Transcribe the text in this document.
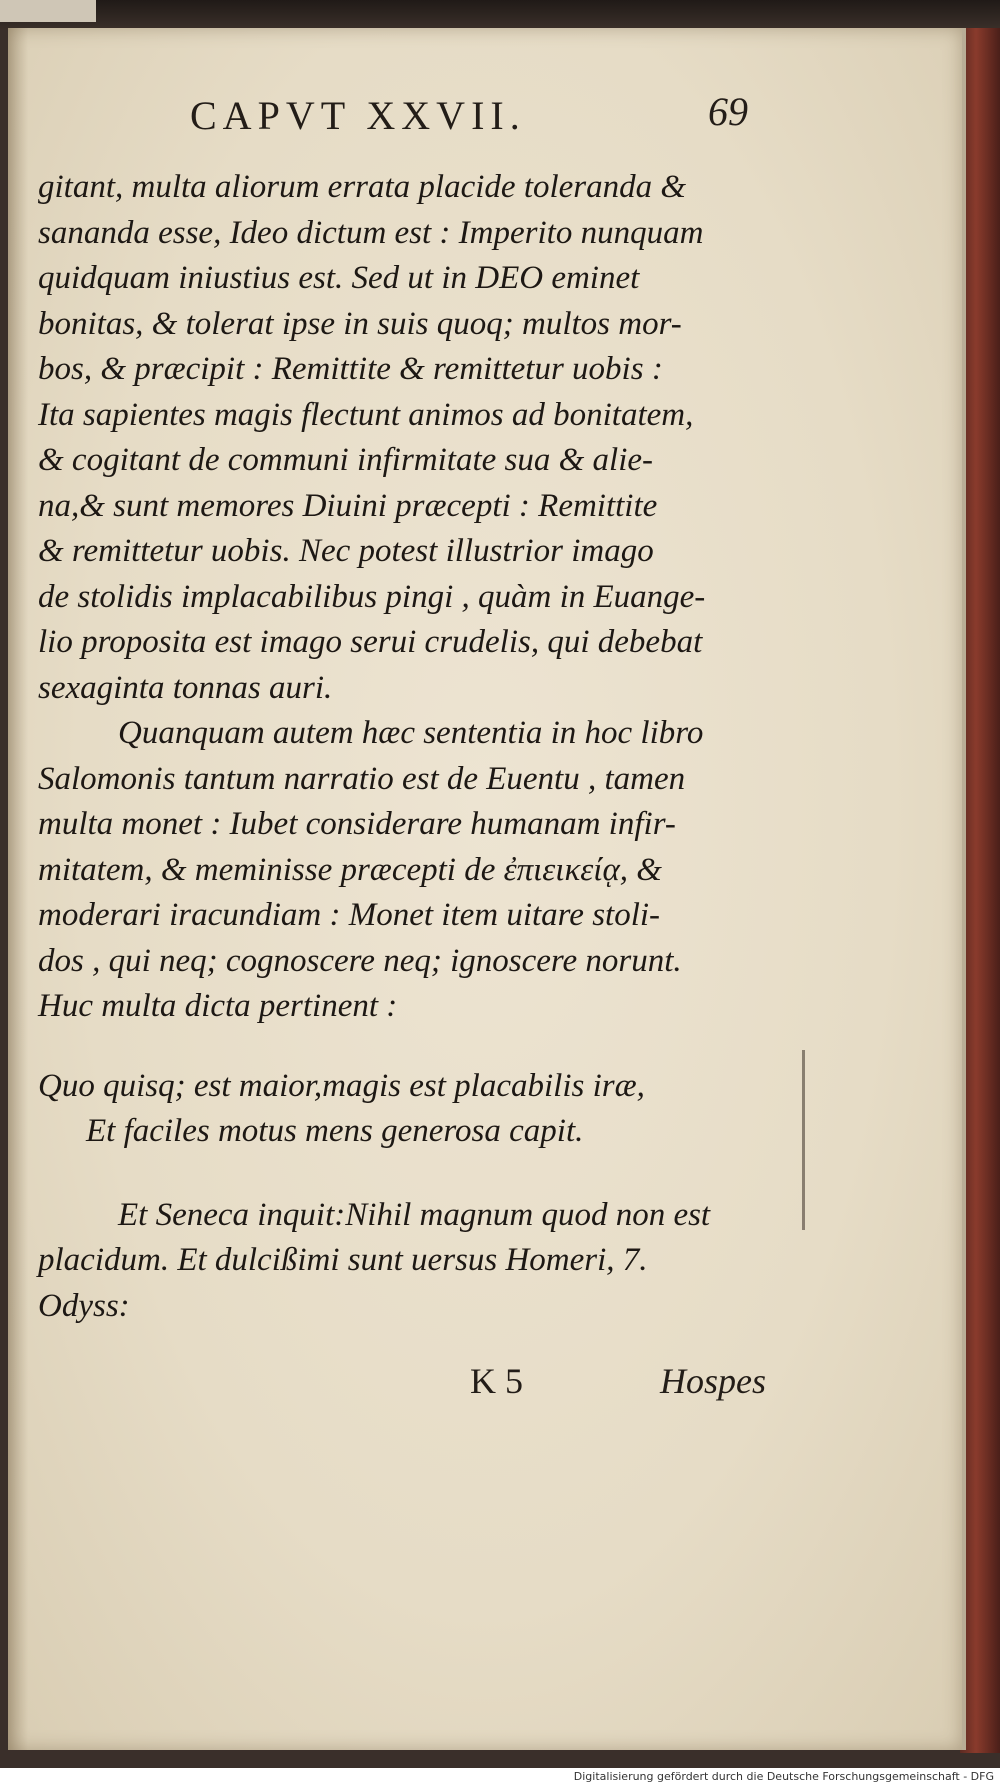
CAPVT XXVII.	69
gitant, multa aliorum errata placide toleranda &
sananda esse, Ideo dictum est : Imperito nunquam
quidquam iniustius est. Sed ut in DEO eminet
bonitas, & tolerat ipse in suis quoq; multos mor-
bos, & præcipit : Remittite & remittetur uobis :
Ita sapientes magis flectunt animos ad bonitatem,
& cogitant de communi infirmitate sua & alie-
na,& sunt memores Diuini præcepti : Remittite
& remittetur uobis. Nec potest illustrior imago
de stolidis implacabilibus pingi , quàm in Euange-
lio proposita est imago serui crudelis, qui debebat
sexaginta tonnas auri.
Quanquam autem hæc sententia in hoc libro
Salomonis tantum narratio est de Euentu , tamen
multa monet : Iubet considerare humanam infir-
mitatem, & meminisse præcepti de ἐπιεικείᾳ, &
moderari iracundiam : Monet item uitare stoli-
dos , qui neq; cognoscere neq; ignoscere norunt.
Huc multa dicta pertinent :
Quo quisq; est maior,magis est placabilis iræ,
Et faciles motus mens generosa capit.
Et Seneca inquit:Nihil magnum quod non est
placidum. Et dulcißimi sunt uersus Homeri, 7.
Odyss:
K 5	Hospes
Digitalisierung gefördert durch die Deutsche Forschungsgemeinschaft - DFG
